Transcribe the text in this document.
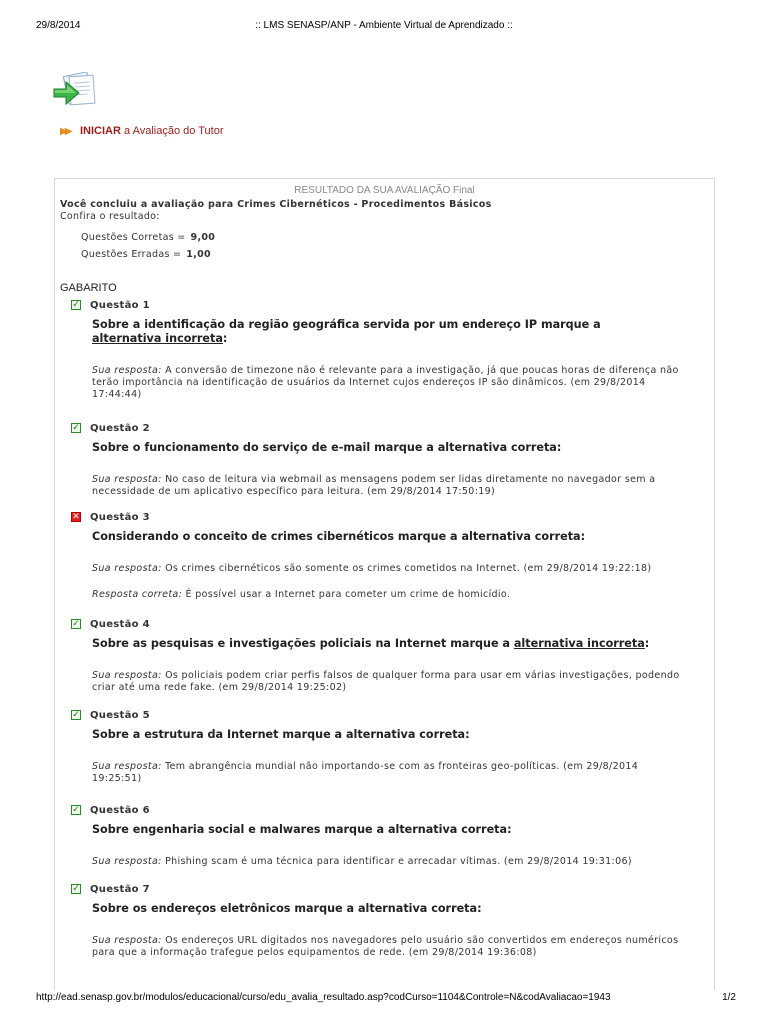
29/8/2014	:: LMS SENASP/ANP - Ambiente Virtual de Aprendizado ::
▶▶ INICIAR a Avaliação do Tutor
RESULTADO DA SUA AVALIAÇÃO Final
Você concluiu a avaliação para Crimes Cibernéticos - Procedimentos Básicos
Confira o resultado:
Questões Corretas = 9,00
Questões Erradas = 1,00
GABARITO
✓ Questão 1
Sobre a identificação da região geográfica servida por um endereço IP marque a alternativa incorreta:
Sua resposta: A conversão de timezone não é relevante para a investigação, já que poucas horas de diferença não terão importância na identificação de usuários da Internet cujos endereços IP são dinâmicos. (em 29/8/2014 17:44:44)
✓ Questão 2
Sobre o funcionamento do serviço de e-mail marque a alternativa correta:
Sua resposta: No caso de leitura via webmail as mensagens podem ser lidas diretamente no navegador sem a necessidade de um aplicativo específico para leitura. (em 29/8/2014 17:50:19)
✕ Questão 3
Considerando o conceito de crimes cibernéticos marque a alternativa correta:
Sua resposta: Os crimes cibernéticos são somente os crimes cometidos na Internet. (em 29/8/2014 19:22:18)
Resposta correta: É possível usar a Internet para cometer um crime de homicídio.
✓ Questão 4
Sobre as pesquisas e investigações policiais na Internet marque a alternativa incorreta:
Sua resposta: Os policiais podem criar perfis falsos de qualquer forma para usar em várias investigações, podendo criar até uma rede fake. (em 29/8/2014 19:25:02)
✓ Questão 5
Sobre a estrutura da Internet marque a alternativa correta:
Sua resposta: Tem abrangência mundial não importando-se com as fronteiras geo-políticas. (em 29/8/2014 19:25:51)
✓ Questão 6
Sobre engenharia social e malwares marque a alternativa correta:
Sua resposta: Phishing scam é uma técnica para identificar e arrecadar vítimas. (em 29/8/2014 19:31:06)
✓ Questão 7
Sobre os endereços eletrônicos marque a alternativa correta:
Sua resposta: Os endereços URL digitados nos navegadores pelo usuário são convertidos em endereços numéricos para que a informação trafegue pelos equipamentos de rede. (em 29/8/2014 19:36:08)
http://ead.senasp.gov.br/modulos/educacional/curso/edu_avalia_resultado.asp?codCurso=1104&Controle=N&codAvaliacao=1943	1/2
